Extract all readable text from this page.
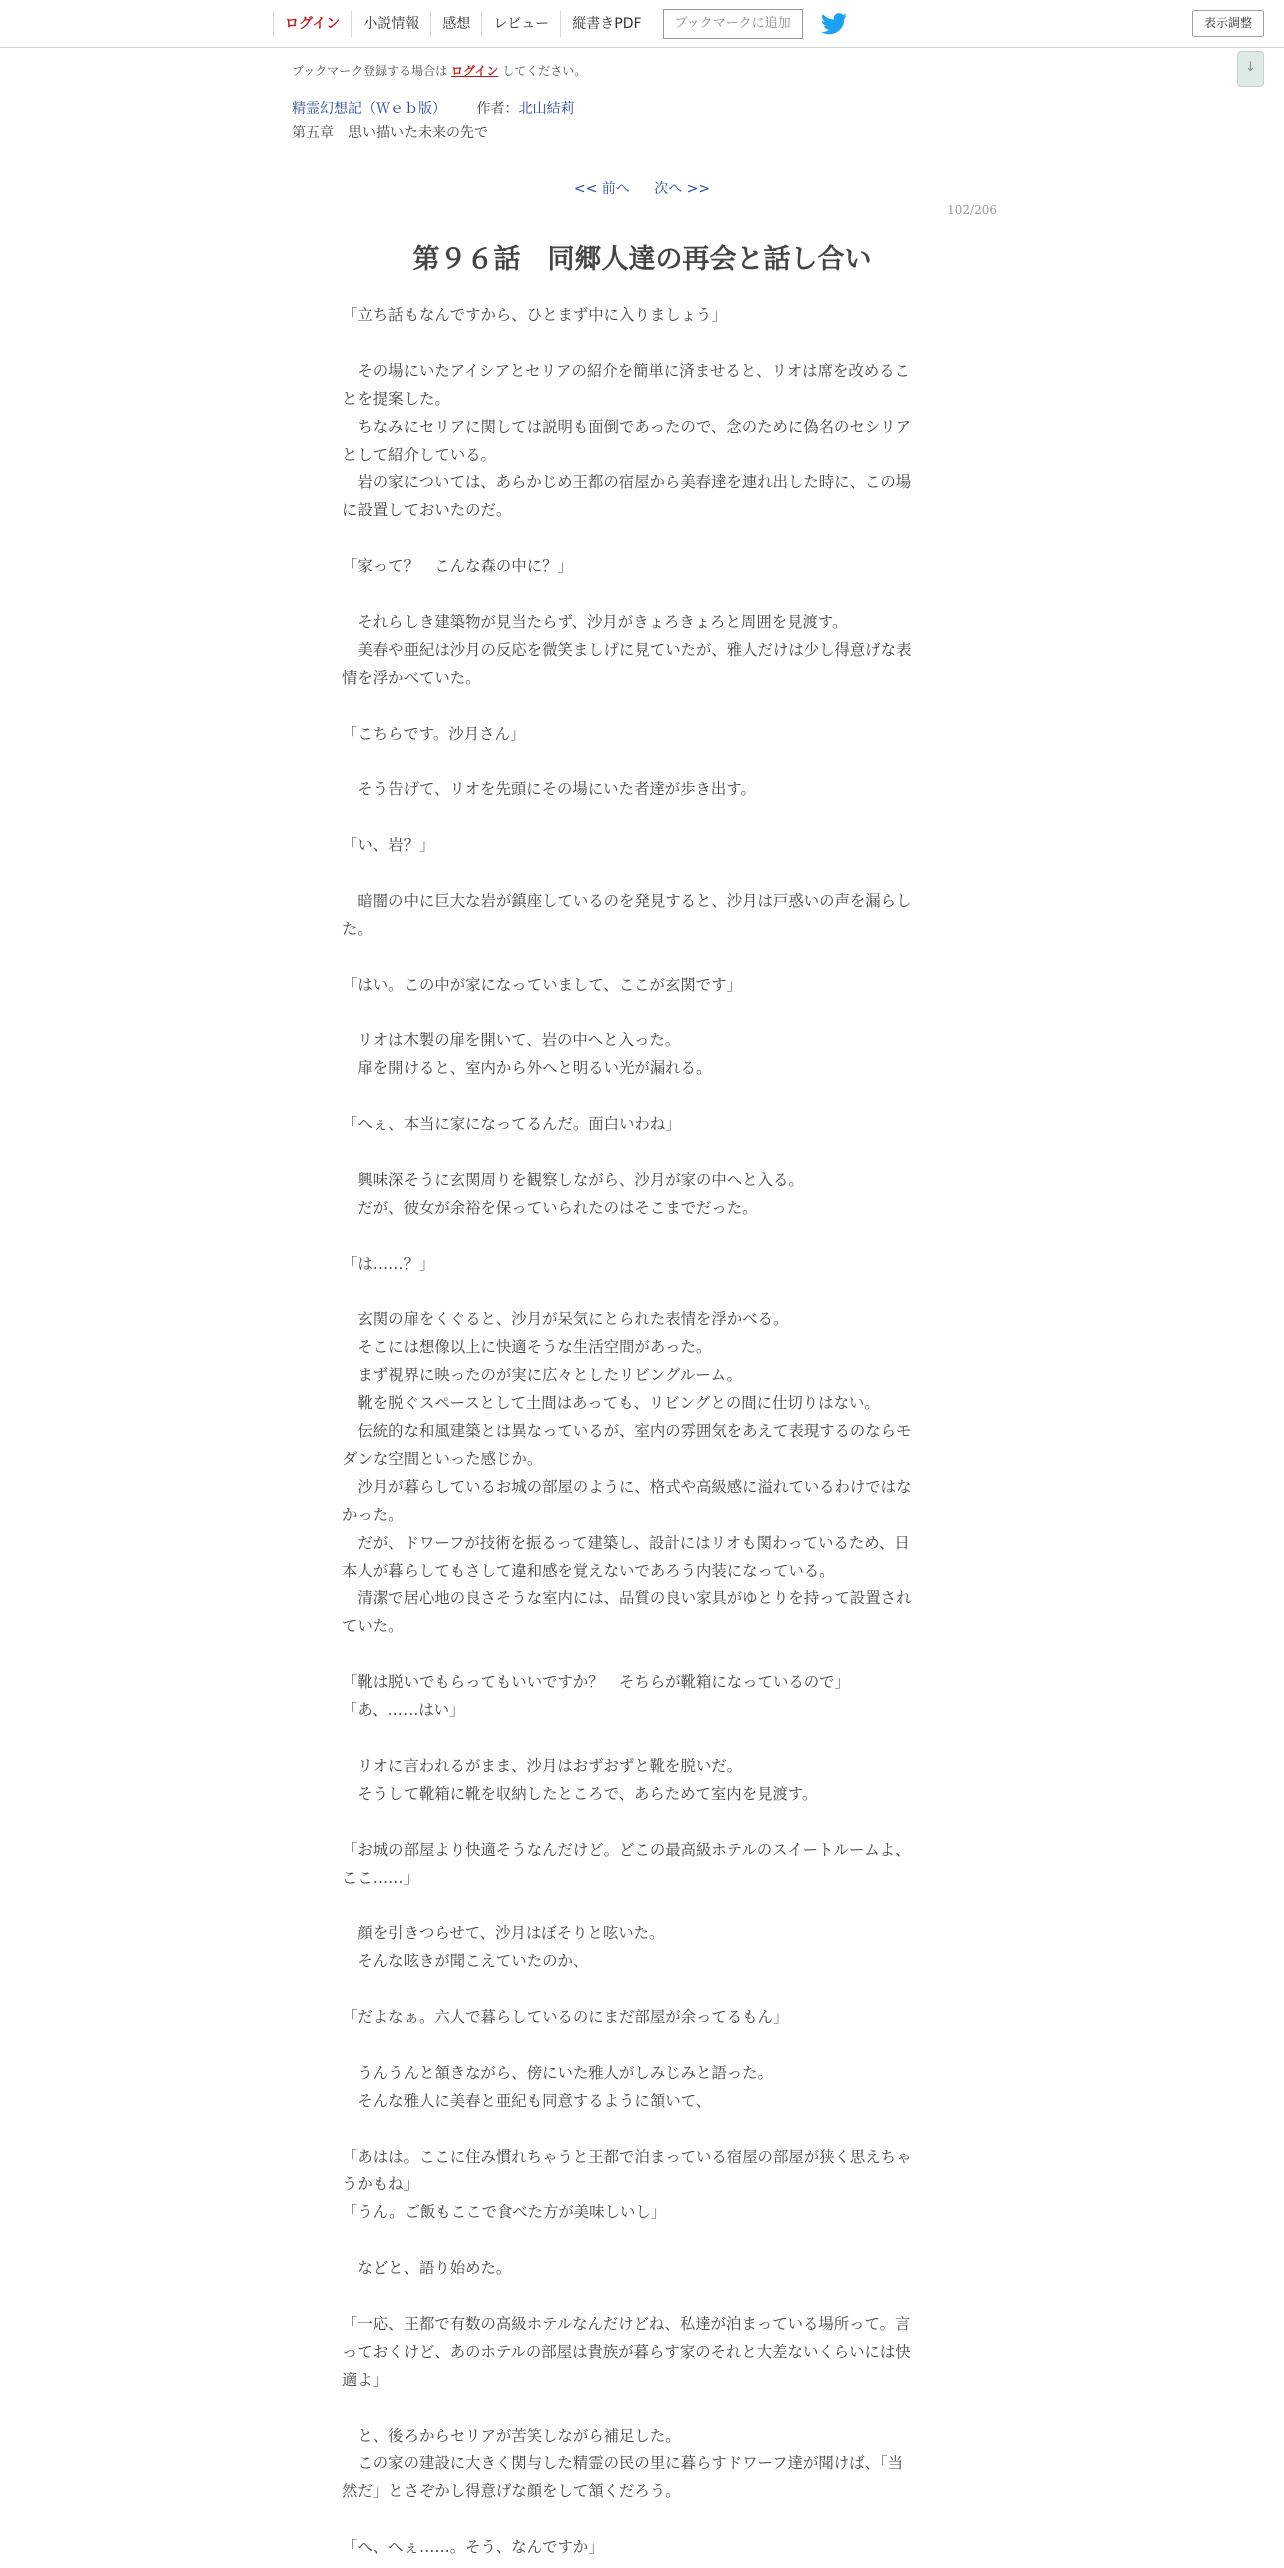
ログイン	小説情報	感想	レビュー	縦書きPDF	ブックマークに追加	表示調整
↓
ブックマーク登録する場合は ログイン してください。
精霊幻想記（Ｗｅｂ版） 作者：北山結莉
第五章　思い描いた未来の先で
<< 前へ 次へ >>
102/206
第９６話　同郷人達の再会と話し合い

「立ち話もなんですから、ひとまず中に入りましょう」

　その場にいたアイシアとセリアの紹介を簡単に済ませると、リオは席を改めるこ

とを提案した。

　ちなみにセリアに関しては説明も面倒であったので、念のために偽名のセシリア

として紹介している。

　岩の家については、あらかじめ王都の宿屋から美春達を連れ出した時に、この場

に設置しておいたのだ。

「家って？　こんな森の中に？」

　それらしき建築物が見当たらず、沙月がきょろきょろと周囲を見渡す。

　美春や亜紀は沙月の反応を微笑ましげに見ていたが、雅人だけは少し得意げな表

情を浮かべていた。

「こちらです。沙月さん」

　そう告げて、リオを先頭にその場にいた者達が歩き出す。

「い、岩？」

　暗闇の中に巨大な岩が鎮座しているのを発見すると、沙月は戸惑いの声を漏らし

た。

「はい。この中が家になっていまして、ここが玄関です」

　リオは木製の扉を開いて、岩の中へと入った。

　扉を開けると、室内から外へと明るい光が漏れる。

「へぇ、本当に家になってるんだ。面白いわね」

　興味深そうに玄関周りを観察しながら、沙月が家の中へと入る。

　だが、彼女が余裕を保っていられたのはそこまでだった。

「は……？」

　玄関の扉をくぐると、沙月が呆気にとられた表情を浮かべる。

　そこには想像以上に快適そうな生活空間があった。

　まず視界に映ったのが実に広々としたリビングルーム。

　靴を脱ぐスペースとして土間はあっても、リビングとの間に仕切りはない。

　伝統的な和風建築とは異なっているが、室内の雰囲気をあえて表現するのならモ

ダンな空間といった感じか。

　沙月が暮らしているお城の部屋のように、格式や高級感に溢れているわけではな

かった。

　だが、ドワーフが技術を振るって建築し、設計にはリオも関わっているため、日

本人が暮らしてもさして違和感を覚えないであろう内装になっている。

　清潔で居心地の良さそうな室内には、品質の良い家具がゆとりを持って設置され

ていた。

「靴は脱いでもらってもいいですか？　そちらが靴箱になっているので」

「あ、……はい」

　リオに言われるがまま、沙月はおずおずと靴を脱いだ。

　そうして靴箱に靴を収納したところで、あらためて室内を見渡す。

「お城の部屋より快適そうなんだけど。どこの最高級ホテルのスイートルームよ、

ここ……」

　顔を引きつらせて、沙月はぼそりと呟いた。

　そんな呟きが聞こえていたのか、

「だよなぁ。六人で暮らしているのにまだ部屋が余ってるもん」

　うんうんと頷きながら、傍にいた雅人がしみじみと語った。

　そんな雅人に美春と亜紀も同意するように頷いて、

「あはは。ここに住み慣れちゃうと王都で泊まっている宿屋の部屋が狭く思えちゃ

うかもね」

「うん。ご飯もここで食べた方が美味しいし」

　などと、語り始めた。

「一応、王都で有数の高級ホテルなんだけどね、私達が泊まっている場所って。言

っておくけど、あのホテルの部屋は貴族が暮らす家のそれと大差ないくらいには快

適よ」

　と、後ろからセリアが苦笑しながら補足した。

　この家の建設に大きく関与した精霊の民の里に暮らすドワーフ達が聞けば、「当

然だ」とさぞかし得意げな顔をして頷くだろう。

「へ、へぇ……。そう、なんですか」
